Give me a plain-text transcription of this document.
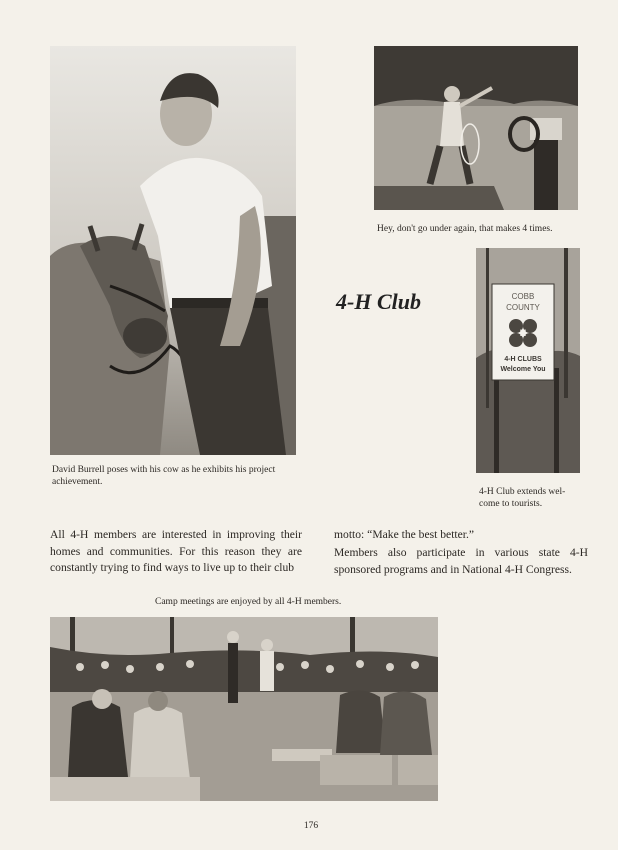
David Burrell poses with his cow as he exhibits his project achievement.

Hey, don't go under again, that makes 4 times.

4-H Club
H
COBB
COUNTY
4-H CLUBS
Welcome You

4-H Club extends wel-
come to tourists.

All 4-H members are interested in improving their homes and communities. For this reason they are constantly trying to find ways to live up to their club

motto: “Make the best better.”

Members also participate in various state 4-H sponsored programs and in National 4-H Congress.

Camp meetings are enjoyed by all 4-H members.

176
